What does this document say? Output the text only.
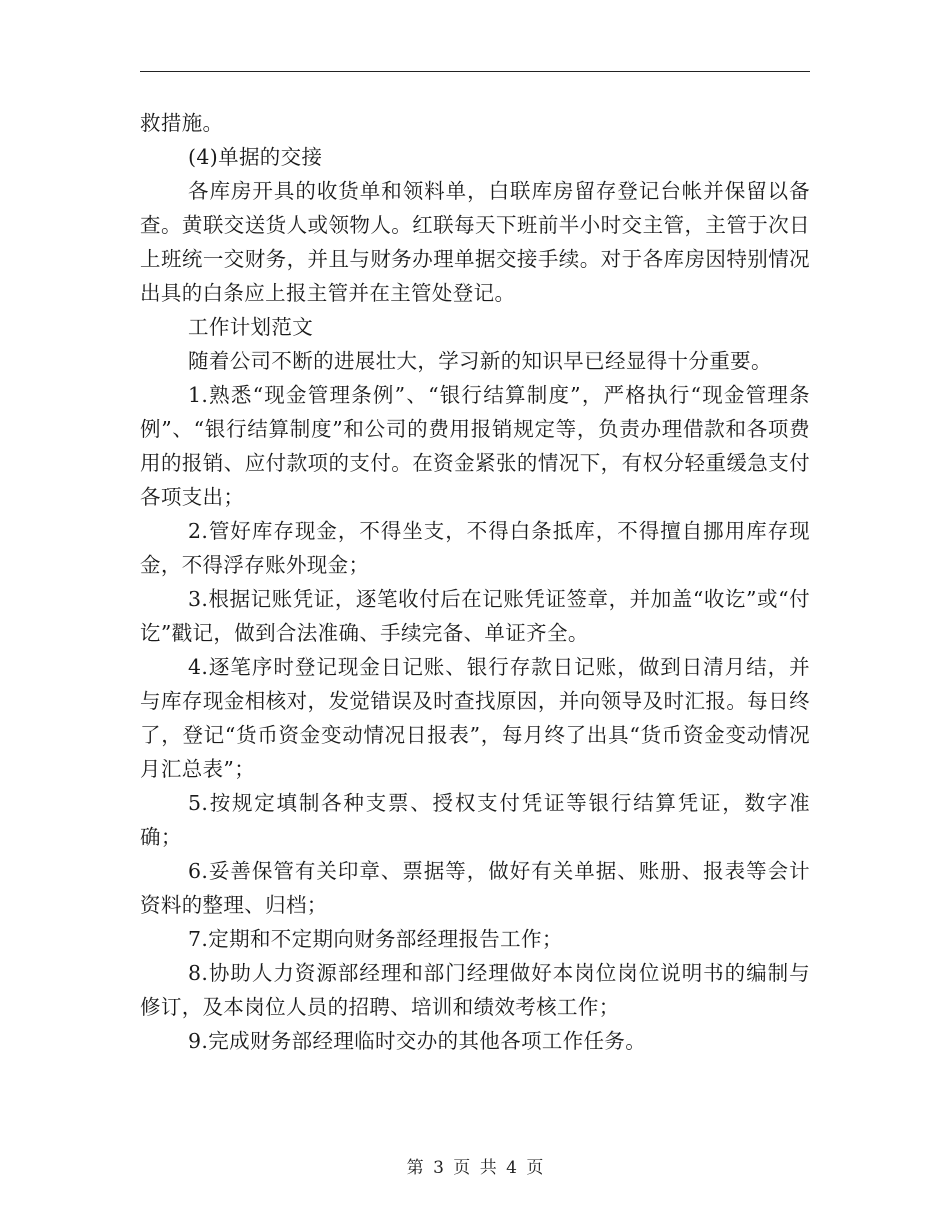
救措施。

(4)单据的交接

各库房开具的收货单和领料单，白联库房留存登记台帐并保留以备查。黄联交送货人或领物人。红联每天下班前半小时交主管，主管于次日上班统一交财务，并且与财务办理单据交接手续。对于各库房因特别情况出具的白条应上报主管并在主管处登记。

工作计划范文

随着公司不断的进展壮大，学习新的知识早已经显得十分重要。

1.熟悉“现金管理条例”、“银行结算制度”，严格执行“现金管理条例”、“银行结算制度”和公司的费用报销规定等，负责办理借款和各项费用的报销、应付款项的支付。在资金紧张的情况下，有权分轻重缓急支付各项支出；

2.管好库存现金，不得坐支，不得白条抵库，不得擅自挪用库存现金，不得浮存账外现金；

3.根据记账凭证，逐笔收付后在记账凭证签章，并加盖“收讫”或“付讫”戳记，做到合法准确、手续完备、单证齐全。

4.逐笔序时登记现金日记账、银行存款日记账，做到日清月结，并与库存现金相核对，发觉错误及时查找原因，并向领导及时汇报。每日终了，登记“货币资金变动情况日报表”，每月终了出具“货币资金变动情况月汇总表”；

5.按规定填制各种支票、授权支付凭证等银行结算凭证，数字准确；

6.妥善保管有关印章、票据等，做好有关单据、账册、报表等会计资料的整理、归档；

7.定期和不定期向财务部经理报告工作；

8.协助人力资源部经理和部门经理做好本岗位岗位说明书的编制与修订，及本岗位人员的招聘、培训和绩效考核工作；

9.完成财务部经理临时交办的其他各项工作任务。

第 3 页 共 4 页
